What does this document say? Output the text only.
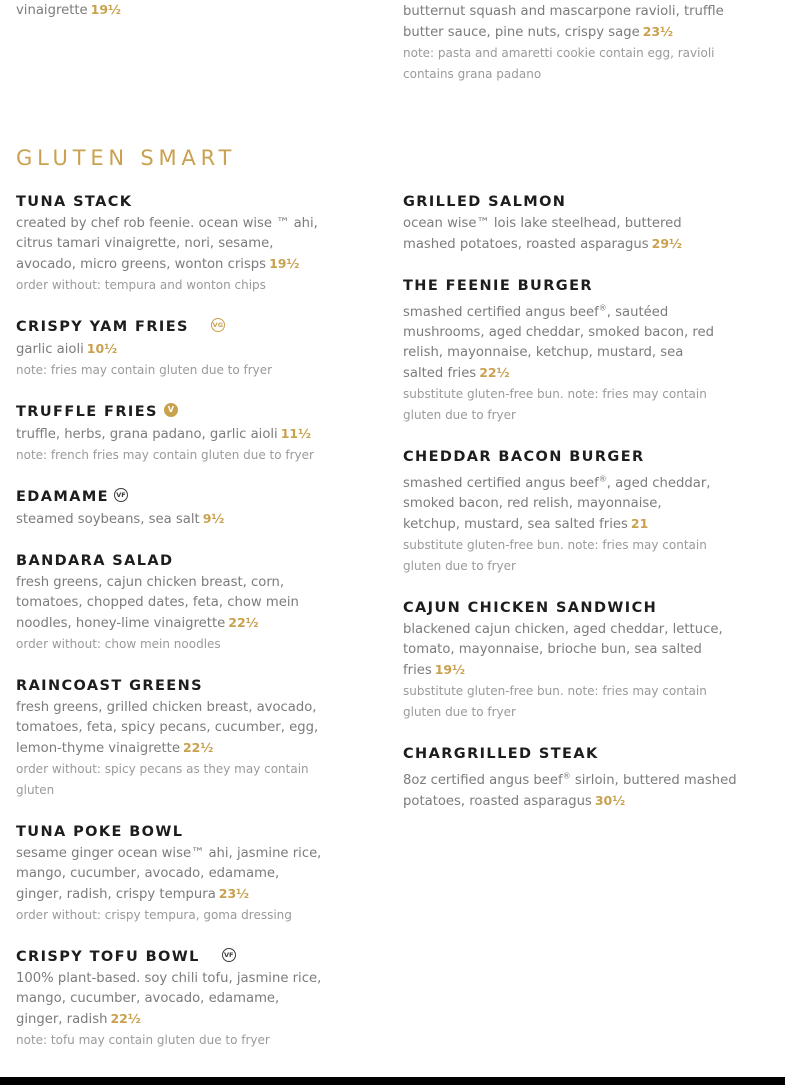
vinaigrette 19½	butternut squash and mascarpone ravioli, truffle
butter sauce, pine nuts, crispy sage 23½
note: pasta and amaretti cookie contain egg, ravioli contains grana padano
GLUTEN SMART
TUNA STACK
created by chef rob feenie. ocean wise ™ ahi, citrus tamari vinaigrette, nori, sesame, avocado, micro greens, wonton crisps 19½
order without: tempura and wonton chips
CRISPY YAM FRIES	VG
garlic aioli 10½
note: fries may contain gluten due to fryer
TRUFFLE FRIES V
truffle, herbs, grana padano, garlic aioli 11½
note: french fries may contain gluten due to fryer
EDAMAME VF
steamed soybeans, sea salt 9½
BANDARA SALAD
fresh greens, cajun chicken breast, corn, tomatoes, chopped dates, feta, chow mein noodles, honey-lime vinaigrette 22½
order without: chow mein noodles
RAINCOAST GREENS
fresh greens, grilled chicken breast, avocado, tomatoes, feta, spicy pecans, cucumber, egg, lemon-thyme vinaigrette 22½
order without: spicy pecans as they may contain gluten
TUNA POKE BOWL
sesame ginger ocean wise™ ahi, jasmine rice, mango, cucumber, avocado, edamame, ginger, radish, crispy tempura 23½
order without: crispy tempura, goma dressing
CRISPY TOFU BOWL	VF
100% plant-based. soy chili tofu, jasmine rice, mango, cucumber, avocado, edamame, ginger, radish 22½
note: tofu may contain gluten due to fryer
GRILLED SALMON
ocean wise™ lois lake steelhead, buttered mashed potatoes, roasted asparagus 29½
THE FEENIE BURGER
smashed certified angus beef®, sautéed mushrooms, aged cheddar, smoked bacon, red relish, mayonnaise, ketchup, mustard, sea salted fries 22½
substitute gluten-free bun. note: fries may contain gluten due to fryer
CHEDDAR BACON BURGER
smashed certified angus beef®, aged cheddar, smoked bacon, red relish, mayonnaise, ketchup, mustard, sea salted fries 21
substitute gluten-free bun. note: fries may contain gluten due to fryer
CAJUN CHICKEN SANDWICH
blackened cajun chicken, aged cheddar, lettuce, tomato, mayonnaise, brioche bun, sea salted fries 19½
substitute gluten-free bun. note: fries may contain gluten due to fryer
CHARGRILLED STEAK
8oz certified angus beef® sirloin, buttered mashed potatoes, roasted asparagus 30½
